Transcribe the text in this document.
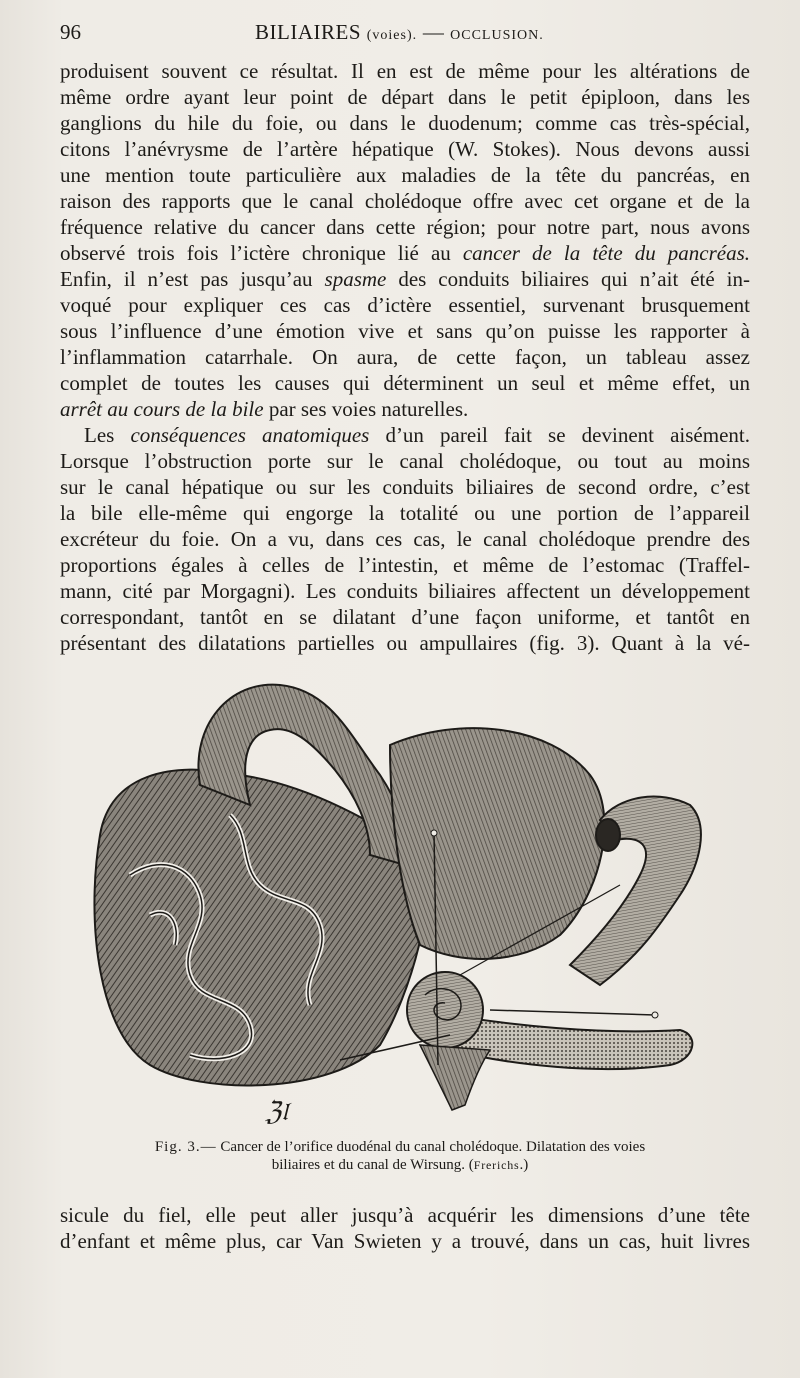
96	BILIAIRES (voies). — OCCLUSION.

produisent souvent ce résultat. Il en est de même pour les altérations de

même ordre ayant leur point de départ dans le petit épiploon, dans les

ganglions du hile du foie, ou dans le duodenum; comme cas très-spécial,

citons l’anévrysme de l’artère hépatique (W. Stokes). Nous devons aussi

une mention toute particulière aux maladies de la tête du pancréas, en

raison des rapports que le canal cholédoque offre avec cet organe et de la

fréquence relative du cancer dans cette région; pour notre part, nous avons

observé trois fois l’ictère chronique lié au cancer de la tête du pancréas.

Enfin, il n’est pas jusqu’au spasme des conduits biliaires qui n’ait été in-

voqué pour expliquer ces cas d’ictère essentiel, survenant brusquement

sous l’influence d’une émotion vive et sans qu’on puisse les rapporter à

l’inflammation catarrhale. On aura, de cette façon, un tableau assez

complet de toutes les causes qui déterminent un seul et même effet, un

arrêt au cours de la bile par ses voies naturelles.

Les conséquences anatomiques d’un pareil fait se devinent aisément.

Lorsque l’obstruction porte sur le canal cholédoque, ou tout au moins

sur le canal hépatique ou sur les conduits biliaires de second ordre, c’est

la bile elle-même qui engorge la totalité ou une portion de l’appareil

excréteur du foie. On a vu, dans ces cas, le canal cholédoque prendre des

proportions égales à celles de l’intestin, et même de l’estomac (Traffel-

mann, cité par Morgagni). Les conduits biliaires affectent un développement

correspondant, tantôt en se dilatant d’une façon uniforme, et tantôt en

présentant des dilatations partielles ou ampullaires (fig. 3). Quant à la vé-

ℨ𝔩
Fig. 3.— Cancer de l’orifice duodénal du canal cholédoque. Dilatation des voies
biliaires et du canal de Wirsung. (Frerichs.)

sicule du fiel, elle peut aller jusqu’à acquérir les dimensions d’une tête

d’enfant et même plus, car Van Swieten y a trouvé, dans un cas, huit livres
